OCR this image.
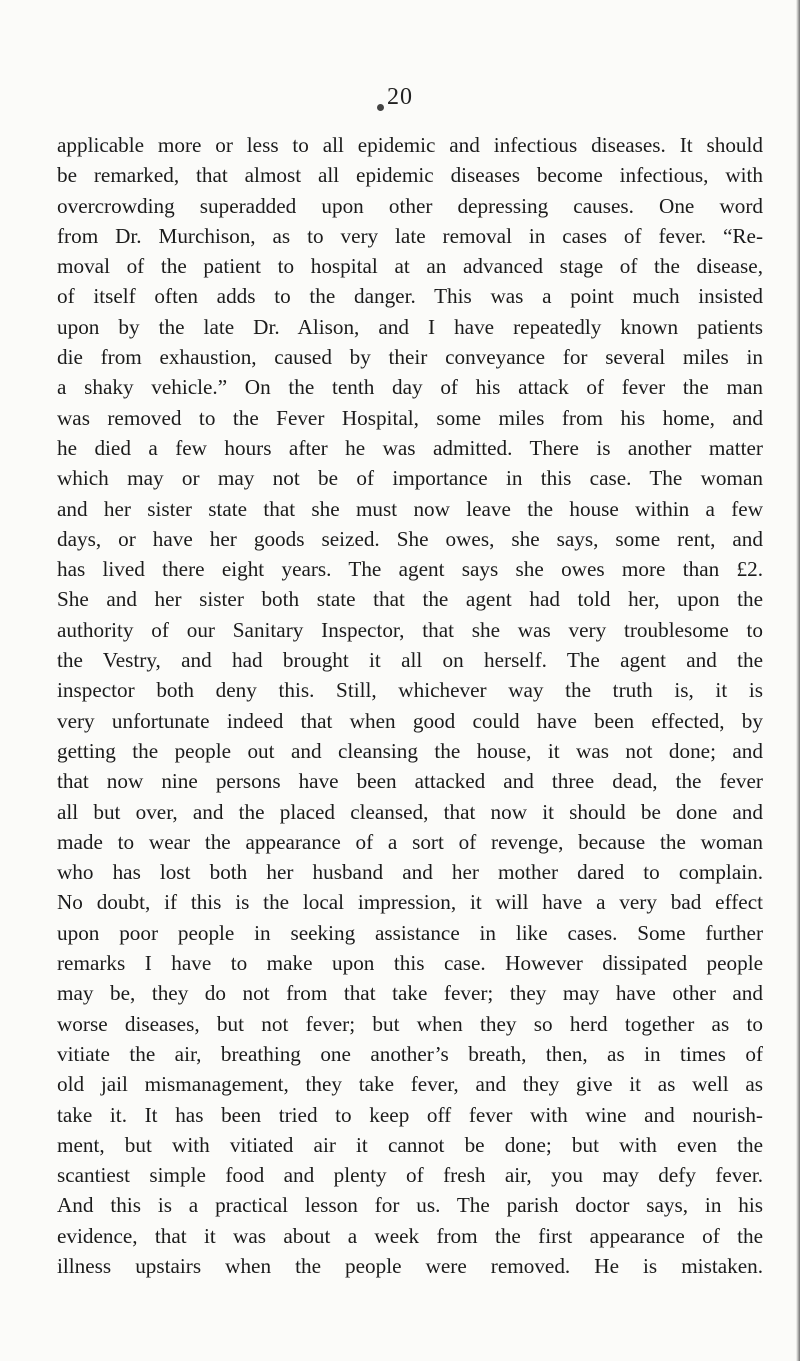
20
applicable more or less to all epidemic and infectious diseases. It should
be remarked, that almost all epidemic diseases become infectious, with
overcrowding superadded upon other depressing causes. One word
from Dr. Murchison, as to very late removal in cases of fever. “Re-
moval of the patient to hospital at an advanced stage of the disease,
of itself often adds to the danger. This was a point much insisted
upon by the late Dr. Alison, and I have repeatedly known patients
die from exhaustion, caused by their conveyance for several miles in
a shaky vehicle.” On the tenth day of his attack of fever the man
was removed to the Fever Hospital, some miles from his home, and
he died a few hours after he was admitted. There is another matter
which may or may not be of importance in this case. The woman
and her sister state that she must now leave the house within a few
days, or have her goods seized. She owes, she says, some rent, and
has lived there eight years. The agent says she owes more than £2.
She and her sister both state that the agent had told her, upon the
authority of our Sanitary Inspector, that she was very troublesome to
the Vestry, and had brought it all on herself. The agent and the
inspector both deny this. Still, whichever way the truth is, it is
very unfortunate indeed that when good could have been effected, by
getting the people out and cleansing the house, it was not done; and
that now nine persons have been attacked and three dead, the fever
all but over, and the placed cleansed, that now it should be done and
made to wear the appearance of a sort of revenge, because the woman
who has lost both her husband and her mother dared to complain.
No doubt, if this is the local impression, it will have a very bad effect
upon poor people in seeking assistance in like cases. Some further
remarks I have to make upon this case. However dissipated people
may be, they do not from that take fever; they may have other and
worse diseases, but not fever; but when they so herd together as to
vitiate the air, breathing one another’s breath, then, as in times of
old jail mismanagement, they take fever, and they give it as well as
take it. It has been tried to keep off fever with wine and nourish-
ment, but with vitiated air it cannot be done; but with even the
scantiest simple food and plenty of fresh air, you may defy fever.
And this is a practical lesson for us. The parish doctor says, in his
evidence, that it was about a week from the first appearance of the
illness upstairs when the people were removed. He is mistaken.
